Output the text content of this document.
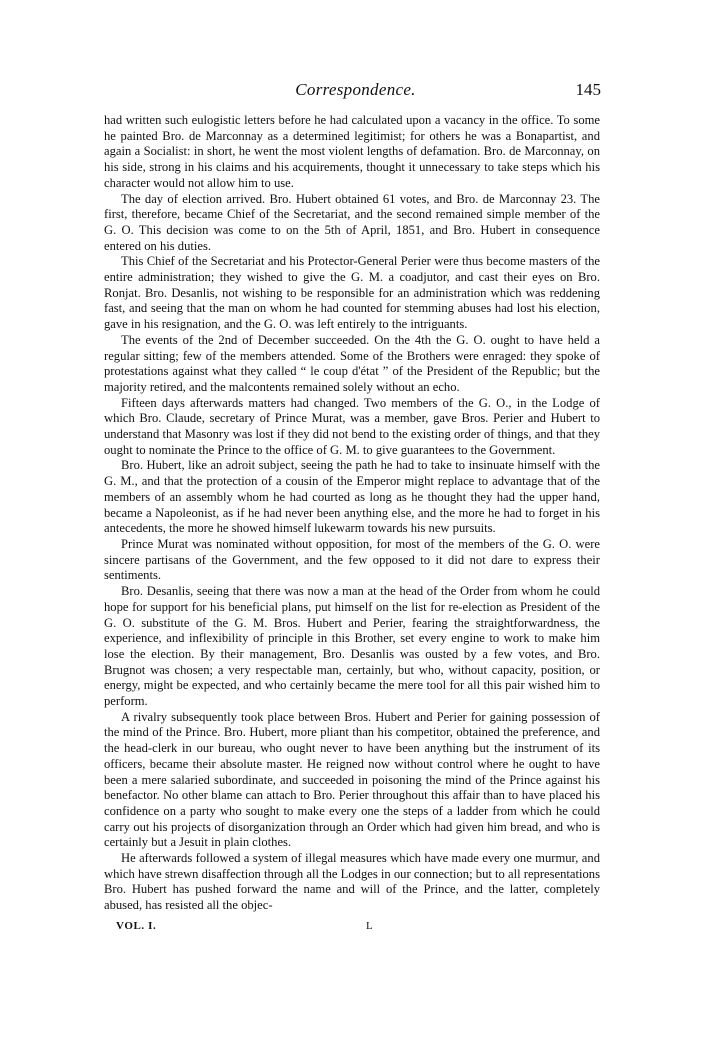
Correspondence.	145

had written such eulogistic letters before he had calculated upon a vacancy in the office. To some he painted Bro. de Marconnay as a determined legitimist; for others he was a Bonapartist, and again a Socialist: in short, he went the most violent lengths of defamation. Bro. de Marconnay, on his side, strong in his claims and his acquirements, thought it unnecessary to take steps which his character would not allow him to use.

The day of election arrived. Bro. Hubert obtained 61 votes, and Bro. de Marconnay 23. The first, therefore, became Chief of the Secretariat, and the second remained simple member of the G. O. This decision was come to on the 5th of April, 1851, and Bro. Hubert in consequence entered on his duties.

This Chief of the Secretariat and his Protector-General Perier were thus become masters of the entire administration; they wished to give the G. M. a coadjutor, and cast their eyes on Bro. Ronjat. Bro. Desanlis, not wishing to be responsible for an administration which was reddening fast, and seeing that the man on whom he had counted for stemming abuses had lost his election, gave in his resignation, and the G. O. was left entirely to the intriguants.

The events of the 2nd of December succeeded. On the 4th the G. O. ought to have held a regular sitting; few of the members attended. Some of the Brothers were enraged: they spoke of protestations against what they called “ le coup d'état ” of the President of the Republic; but the majority retired, and the malcontents remained solely without an echo.

Fifteen days afterwards matters had changed. Two members of the G. O., in the Lodge of which Bro. Claude, secretary of Prince Murat, was a member, gave Bros. Perier and Hubert to understand that Masonry was lost if they did not bend to the existing order of things, and that they ought to nominate the Prince to the office of G. M. to give guarantees to the Government.

Bro. Hubert, like an adroit subject, seeing the path he had to take to insinuate himself with the G. M., and that the protection of a cousin of the Emperor might replace to advantage that of the members of an assembly whom he had courted as long as he thought they had the upper hand, became a Napoleonist, as if he had never been anything else, and the more he had to forget in his antecedents, the more he showed himself lukewarm towards his new pursuits.

Prince Murat was nominated without opposition, for most of the members of the G. O. were sincere partisans of the Government, and the few opposed to it did not dare to express their sentiments.

Bro. Desanlis, seeing that there was now a man at the head of the Order from whom he could hope for support for his beneficial plans, put himself on the list for re-election as President of the G. O. substitute of the G. M. Bros. Hubert and Perier, fearing the straightforwardness, the experience, and inflexibility of principle in this Brother, set every engine to work to make him lose the election. By their management, Bro. Desanlis was ousted by a few votes, and Bro. Brugnot was chosen; a very respectable man, certainly, but who, without capacity, position, or energy, might be expected, and who certainly became the mere tool for all this pair wished him to perform.

A rivalry subsequently took place between Bros. Hubert and Perier for gaining possession of the mind of the Prince. Bro. Hubert, more pliant than his competitor, obtained the preference, and the head-clerk in our bureau, who ought never to have been anything but the instrument of its officers, became their absolute master. He reigned now without control where he ought to have been a mere salaried subordinate, and succeeded in poisoning the mind of the Prince against his benefactor. No other blame can attach to Bro. Perier throughout this affair than to have placed his confidence on a party who sought to make every one the steps of a ladder from which he could carry out his projects of disorganization through an Order which had given him bread, and who is certainly but a Jesuit in plain clothes.

He afterwards followed a system of illegal measures which have made every one murmur, and which have strewn disaffection through all the Lodges in our connection; but to all representations Bro. Hubert has pushed forward the name and will of the Prince, and the latter, completely abused, has resisted all the objec-

VOL. I.	L
